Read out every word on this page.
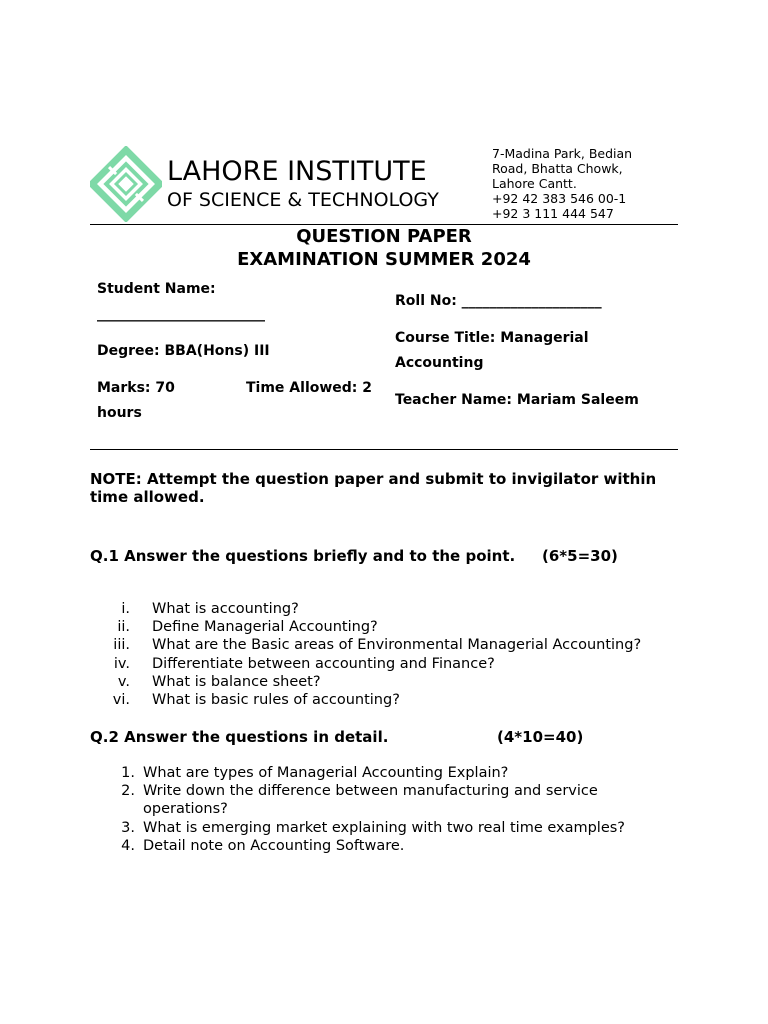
LAHORE INSTITUTE
OF SCIENCE & TECHNOLOGY
7-Madina Park, Bedian
Road, Bhatta Chowk,
Lahore Cantt.
+92 42 383 546 00-1
+92 3 111 444 547
QUESTION PAPER
EXAMINATION SUMMER 2024
Student Name:
________________________
Degree: BBA(Hons) III
Marks: 70	Time Allowed: 2
hours
Roll No: ____________________
Course Title: Managerial
Accounting
Teacher Name: Mariam Saleem
NOTE: Attempt the question paper and submit to invigilator within time allowed.
Q.1 Answer the questions briefly and to the point. (6*5=30)
i. What is accounting?
ii. Define Managerial Accounting?
iii. What are the Basic areas of Environmental Managerial Accounting?
iv. Differentiate between accounting and Finance?
v. What is balance sheet?
vi. What is basic rules of accounting?
Q.2 Answer the questions in detail.	(4*10=40)
1. What are types of Managerial Accounting Explain?
2. Write down the difference between manufacturing and service operations?
3. What is emerging market explaining with two real time examples?
4. Detail note on Accounting Software.
